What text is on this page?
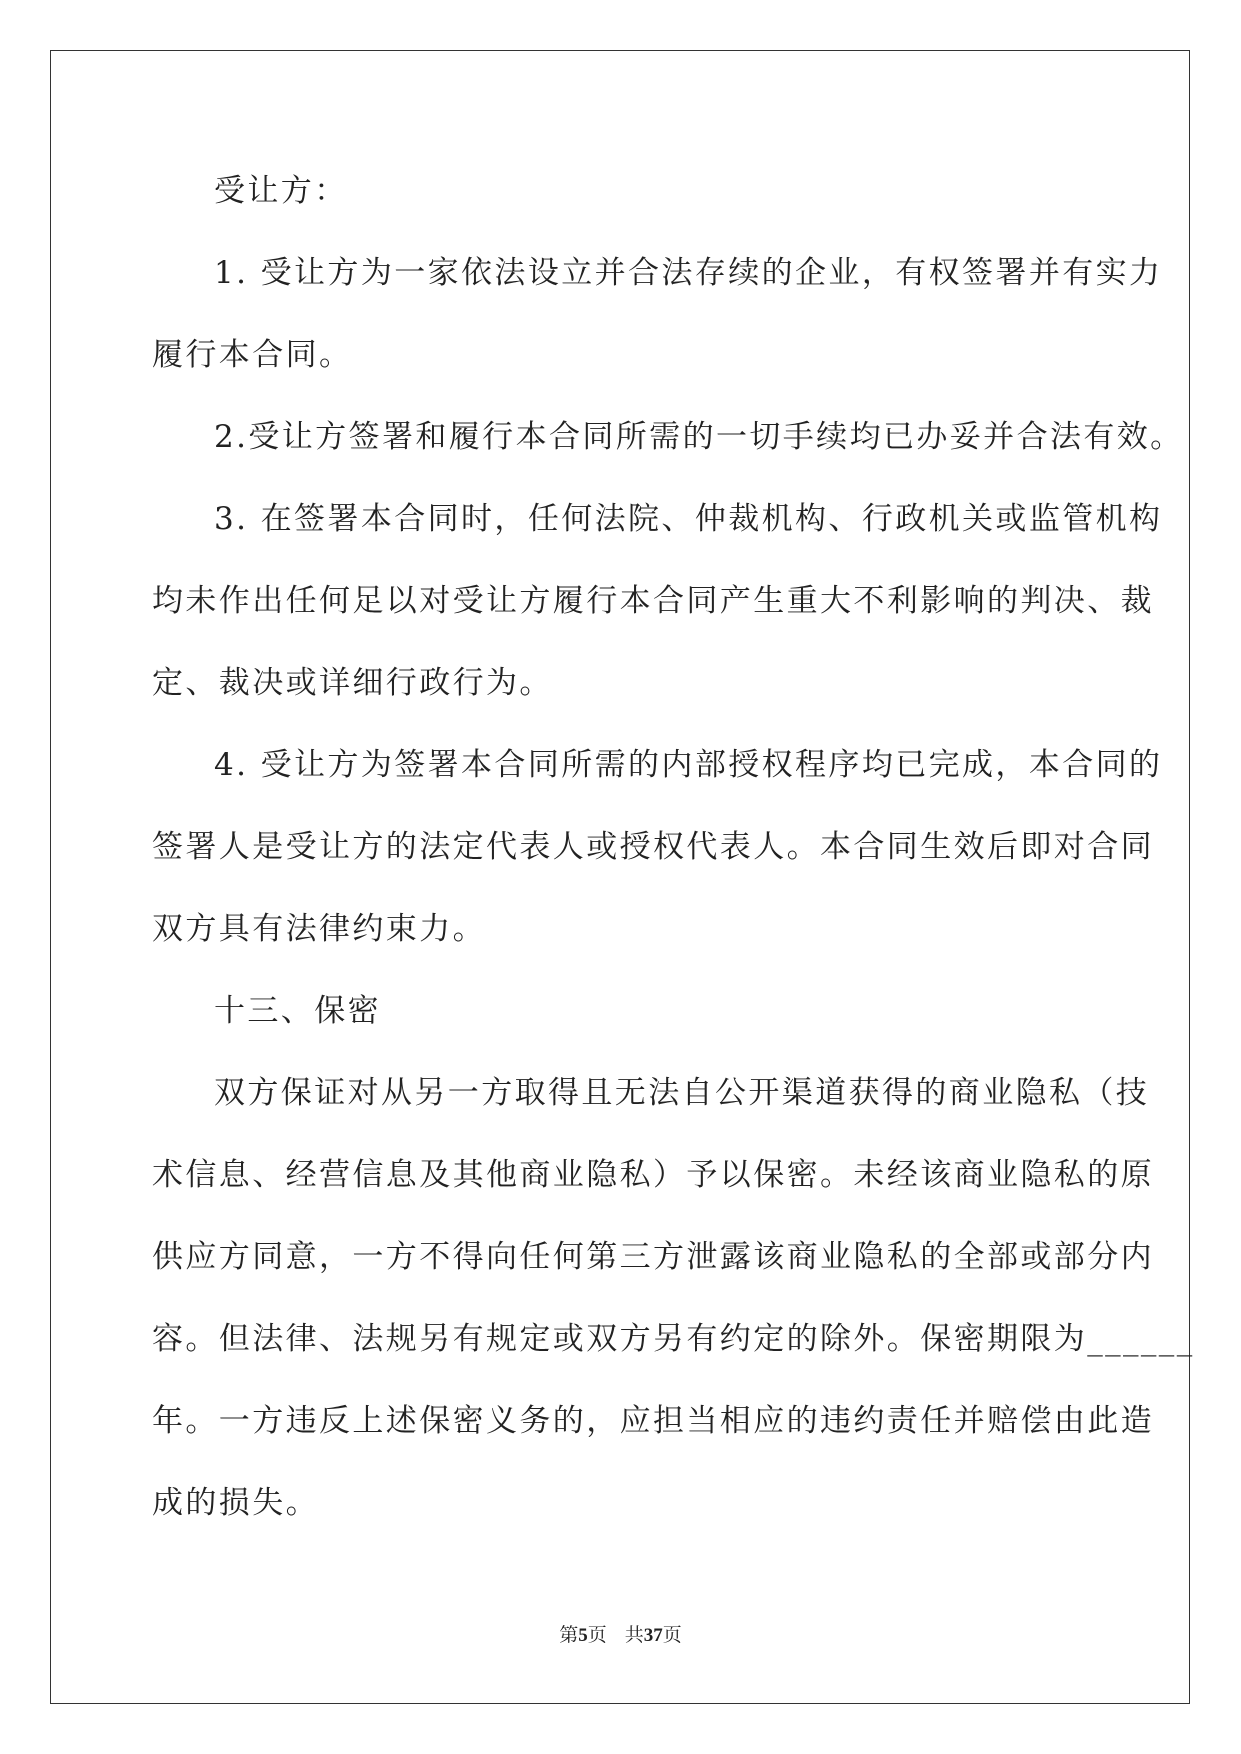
受让方：
1. 受让方为一家依法设立并合法存续的企业，有权签署并有实力
履行本合同。
2.受让方签署和履行本合同所需的一切手续均已办妥并合法有效。
3. 在签署本合同时，任何法院、仲裁机构、行政机关或监管机构
均未作出任何足以对受让方履行本合同产生重大不利影响的判决、裁
定、裁决或详细行政行为。
4. 受让方为签署本合同所需的内部授权程序均已完成，本合同的
签署人是受让方的法定代表人或授权代表人。本合同生效后即对合同
双方具有法律约束力。
十三、保密
双方保证对从另一方取得且无法自公开渠道获得的商业隐私（技
术信息、经营信息及其他商业隐私）予以保密。未经该商业隐私的原
供应方同意，一方不得向任何第三方泄露该商业隐私的全部或部分内
容。但法律、法规另有规定或双方另有约定的除外。保密期限为______
年。一方违反上述保密义务的，应担当相应的违约责任并赔偿由此造
成的损失。
第5页 共37页
